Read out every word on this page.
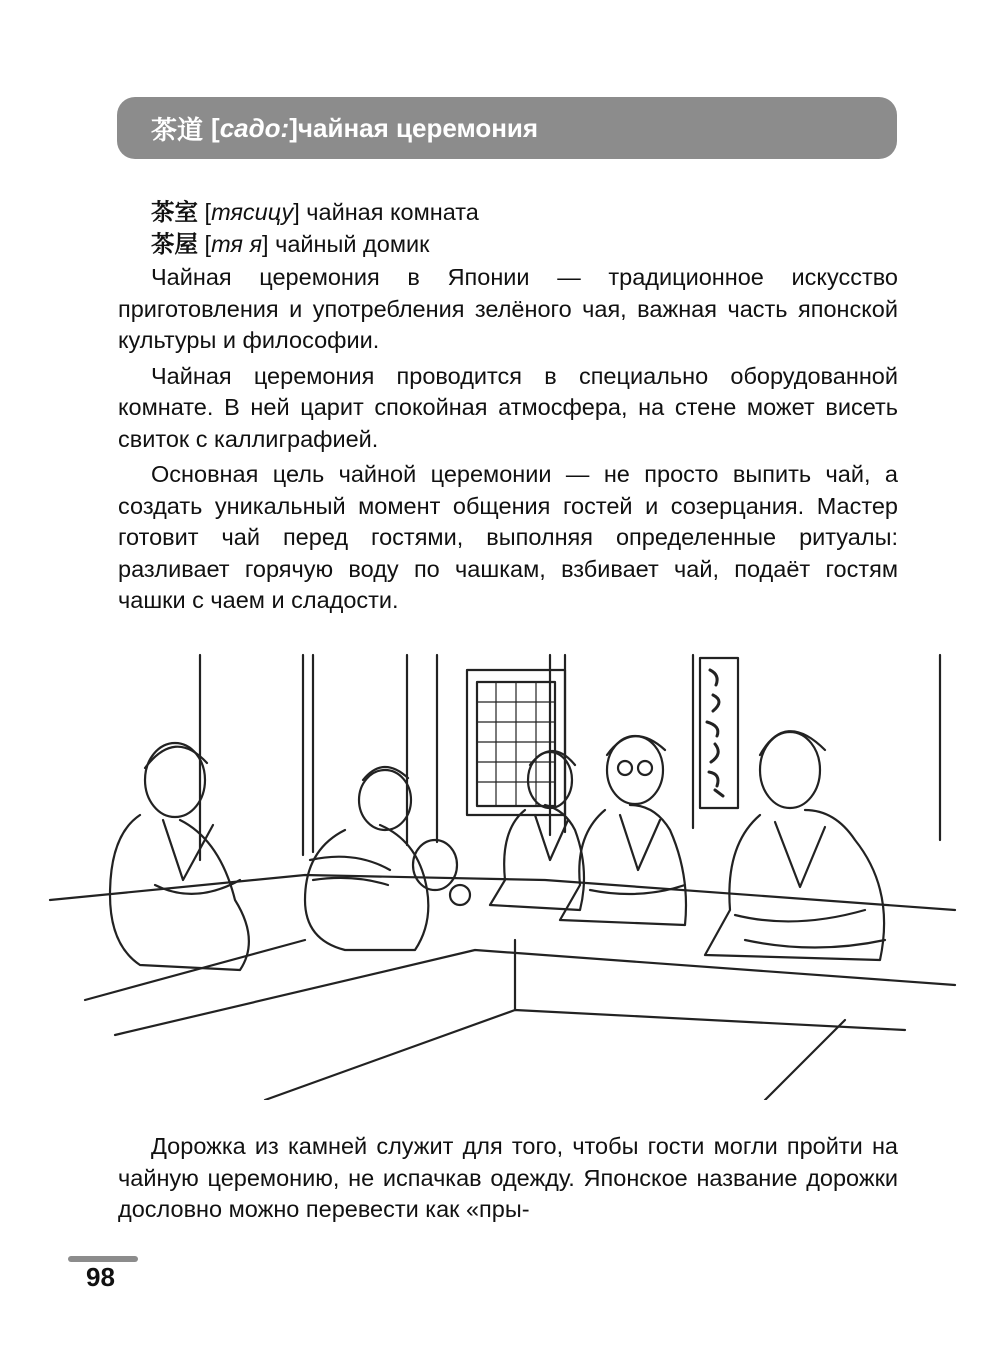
茶道 [ садо: ] чайная церемония
茶室 [тясицу] чайная комната
茶屋 [тя я] чайный домик

Чайная церемония в Японии — традиционное искусство приготовления и употребления зелёного чая, важная часть японской культуры и философии.

Чайная церемония проводится в специально оборудованной комнате. В ней царит спокойная атмосфера, на стене может висеть свиток с каллиграфией.

Основная цель чайной церемонии — не просто выпить чай, а создать уникальный момент общения гостей и созерцания. Мастер готовит чай перед гостями, выполняя определенные ритуалы: разливает горячую воду по чашкам, взбивает чай, подаёт гостям чашки с чаем и сладости.

Дорожка из камней служит для того, чтобы гости могли пройти на чайную церемонию, не испачкав одежду. Японское название дорожки дословно можно перевести как «пры-

98
